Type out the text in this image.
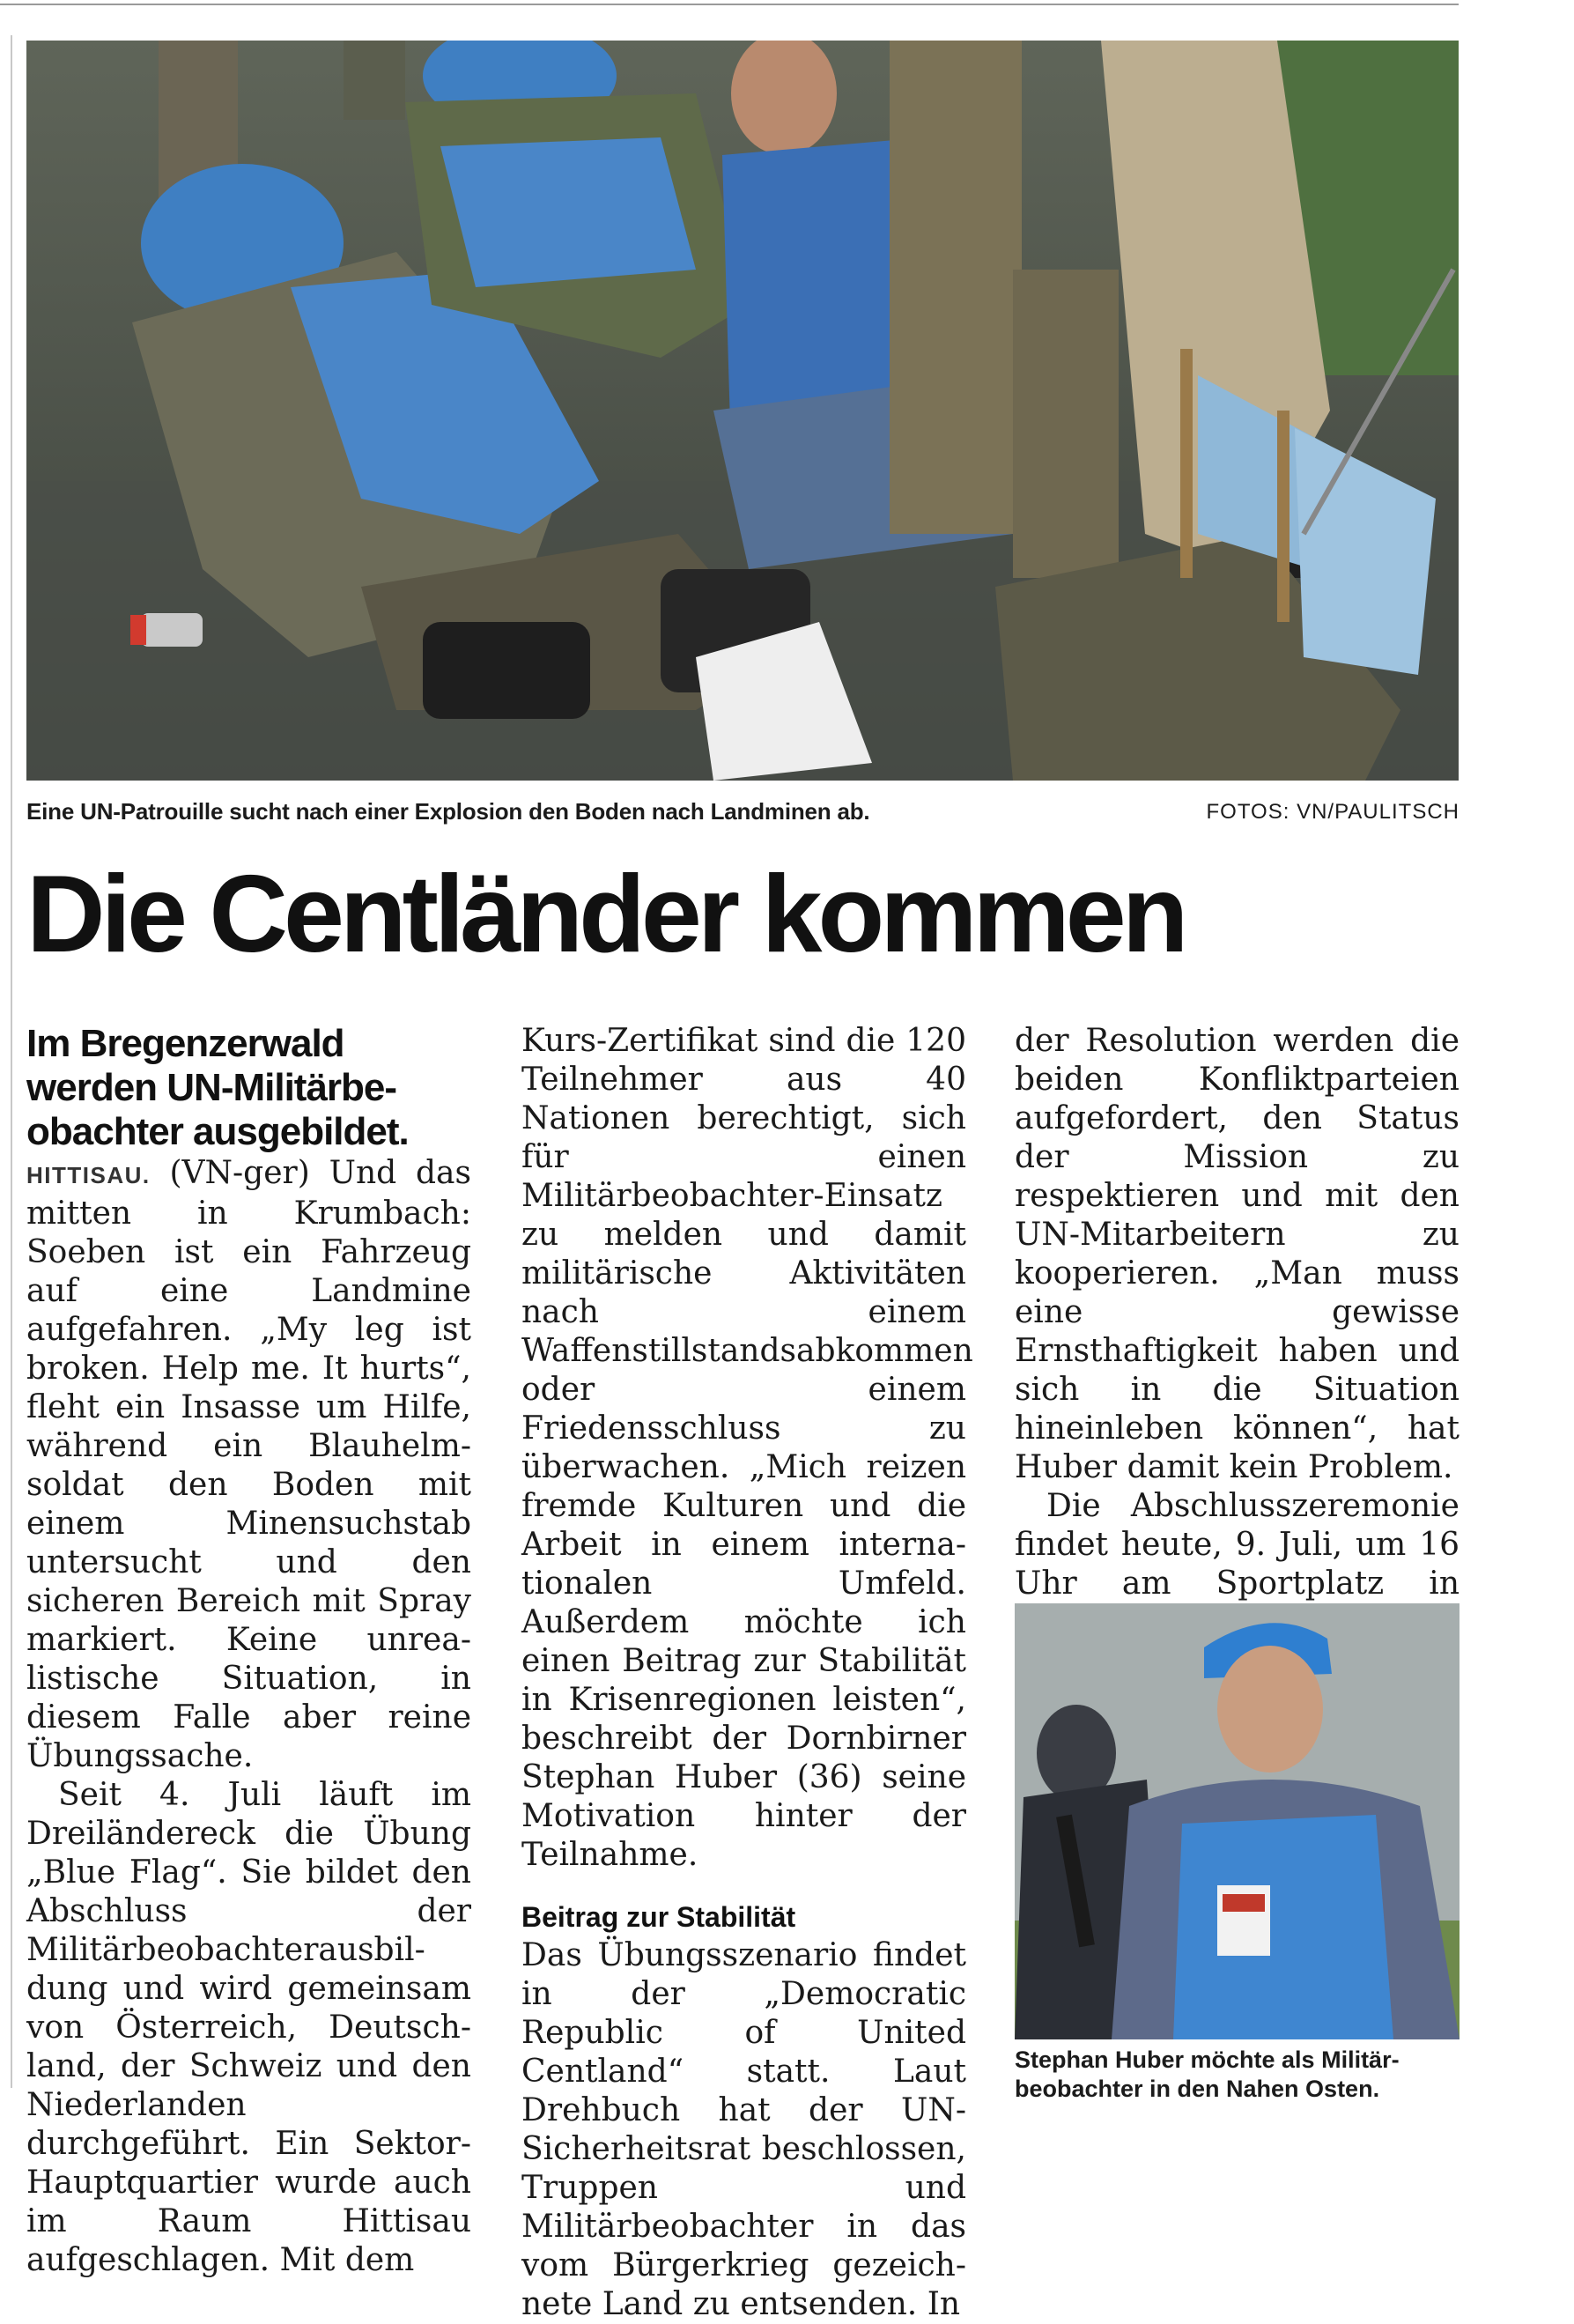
Eine UN-Patrouille sucht nach einer Explosion den Boden nach Landminen ab.	FOTOS: VN/PAULITSCH
Die Centländer kommen

Im Bregenzerwald werden UN-Militärbeobachter ausgebildet.

HITTISAU. (VN-ger) Und das mitten in Krumbach: Soeben ist ein Fahrzeug auf eine Landmine aufgefahren. „My leg ist broken. Help me. It hurts“, fleht ein Insasse um Hilfe, während ein Blauhelmsoldat den Boden mit einem Minensuchstab untersucht und den sicheren Bereich mit Spray markiert. Keine unrealistische Situation, in diesem Falle aber reine Übungssache.

Seit 4. Juli läuft im Dreiländereck die Übung „Blue Flag“. Sie bildet den Abschluss der Militärbeobachterausbildung und wird gemeinsam von Österreich, Deutschland, der Schweiz und den Niederlanden durchgeführt. Ein Sektor-Hauptquartier wurde auch im Raum Hittisau aufgeschlagen. Mit dem

Kurs-Zertifikat sind die 120 Teilnehmer aus 40 Nationen berechtigt, sich für einen Militärbeobachter-Einsatz zu melden und damit militärische Aktivitäten nach einem Waffenstillstandsabkommen oder einem Friedensschluss zu überwachen. „Mich reizen fremde Kulturen und die Arbeit in einem internationalen Umfeld. Außerdem möchte ich einen Beitrag zur Stabilität in Krisenregionen leisten“, beschreibt der Dornbirner Stephan Huber (36) seine Motivation hinter der Teilnahme.

Beitrag zur Stabilität

Das Übungsszenario findet in der „Democratic Republic of United Centland“ statt. Laut Drehbuch hat der UN-Sicherheitsrat beschlossen, Truppen und Militärbeobachter in das vom Bürgerkrieg gezeichnete Land zu entsenden. In

der Resolution werden die beiden Konfliktparteien aufgefordert, den Status der Mission zu respektieren und mit den UN-Mitarbeitern zu kooperieren. „Man muss eine gewisse Ernsthaftigkeit haben und sich in die Situation hineinleben können“, hat Huber damit kein Problem.

Die Abschlusszeremonie findet heute, 9. Juli, um 16 Uhr am Sportplatz in

Stephan Huber möchte als Militärbeobachter in den Nahen Osten.
